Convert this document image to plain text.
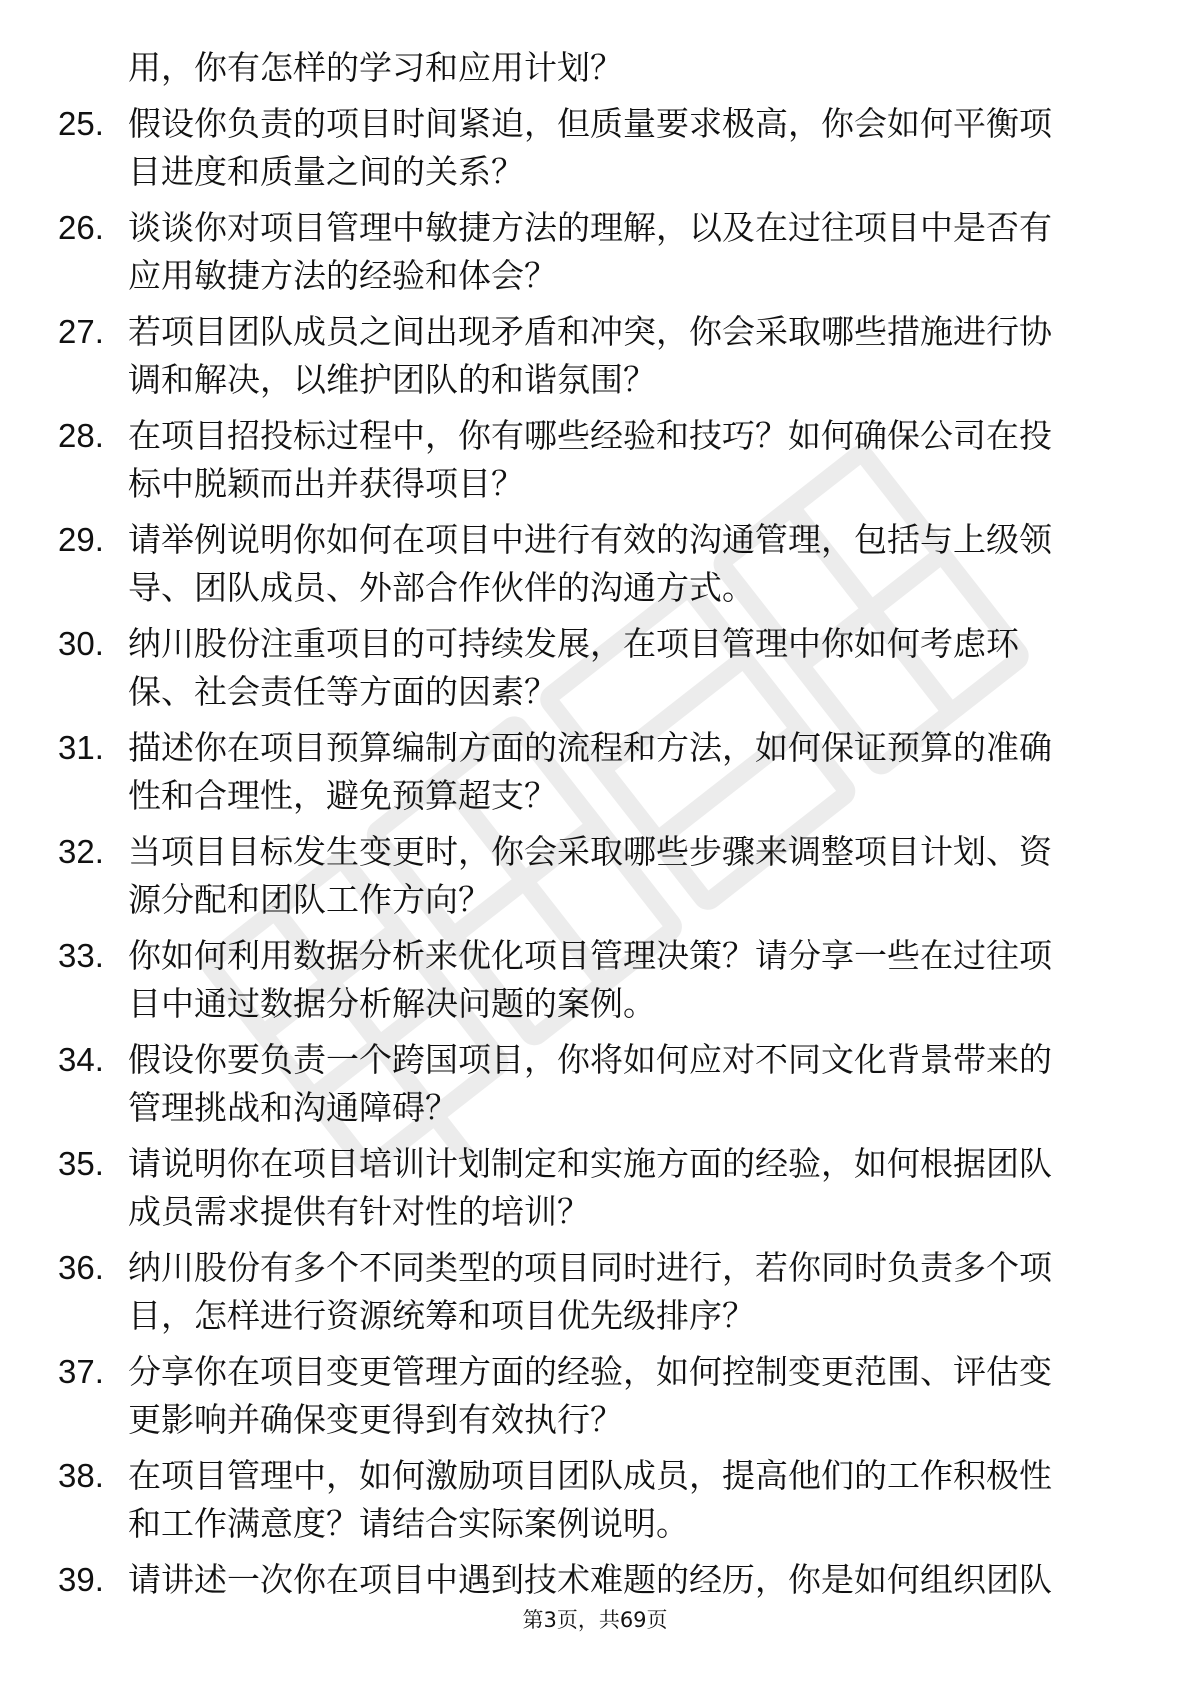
用，你有怎样的学习和应用计划？
25. 假设你负责的项目时间紧迫，但质量要求极高，你会如何平衡项
目进度和质量之间的关系？
26. 谈谈你对项目管理中敏捷方法的理解，以及在过往项目中是否有
应用敏捷方法的经验和体会？
27. 若项目团队成员之间出现矛盾和冲突，你会采取哪些措施进行协
调和解决，以维护团队的和谐氛围？
28. 在项目招投标过程中，你有哪些经验和技巧？如何确保公司在投
标中脱颖而出并获得项目？
29. 请举例说明你如何在项目中进行有效的沟通管理，包括与上级领
导、团队成员、外部合作伙伴的沟通方式。
30. 纳川股份注重项目的可持续发展，在项目管理中你如何考虑环
保、社会责任等方面的因素？
31. 描述你在项目预算编制方面的流程和方法，如何保证预算的准确
性和合理性，避免预算超支？
32. 当项目目标发生变更时，你会采取哪些步骤来调整项目计划、资
源分配和团队工作方向？
33. 你如何利用数据分析来优化项目管理决策？请分享一些在过往项
目中通过数据分析解决问题的案例。
34. 假设你要负责一个跨国项目，你将如何应对不同文化背景带来的
管理挑战和沟通障碍？
35. 请说明你在项目培训计划制定和实施方面的经验，如何根据团队
成员需求提供有针对性的培训？
36. 纳川股份有多个不同类型的项目同时进行，若你同时负责多个项
目，怎样进行资源统筹和项目优先级排序？
37. 分享你在项目变更管理方面的经验，如何控制变更范围、评估变
更影响并确保变更得到有效执行？
38. 在项目管理中，如何激励项目团队成员，提高他们的工作积极性
和工作满意度？请结合实际案例说明。
39. 请讲述一次你在项目中遇到技术难题的经历，你是如何组织团队
第3页，共69页
